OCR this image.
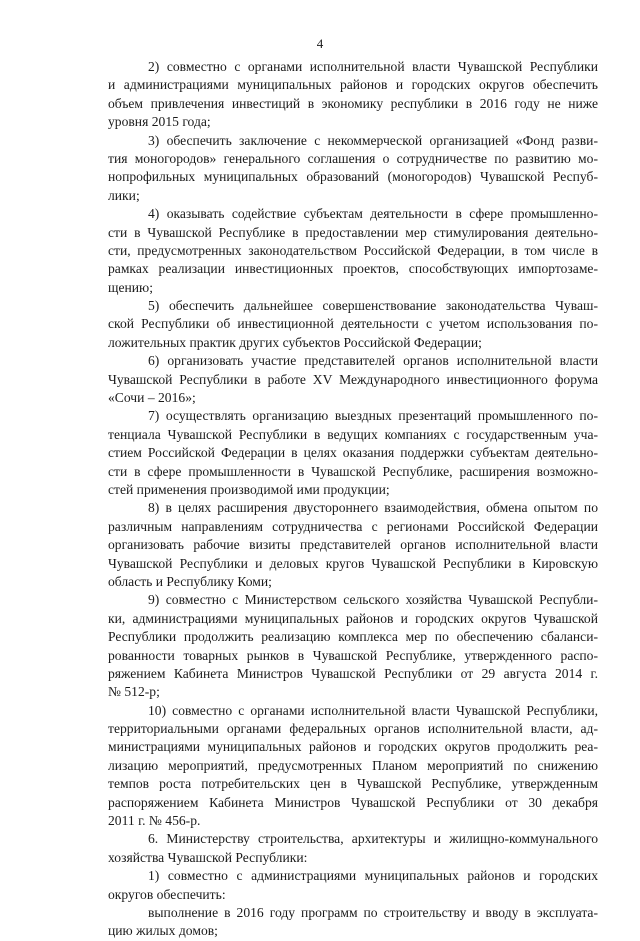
4
2) совместно с органами исполнительной власти Чувашской Республики
и администрациями муниципальных районов и городских округов обеспечить
объем привлечения инвестиций в экономику республики в 2016 году не ниже
уровня 2015 года;
3) обеспечить заключение с некоммерческой организацией «Фонд разви-
тия моногородов» генерального соглашения о сотрудничестве по развитию мо-
нопрофильных муниципальных образований (моногородов) Чувашской Респуб-
лики;
4) оказывать содействие субъектам деятельности в сфере промышленно-
сти в Чувашской Республике в предоставлении мер стимулирования деятельно-
сти, предусмотренных законодательством Российской Федерации, в том числе в
рамках реализации инвестиционных проектов, способствующих импортозаме-
щению;
5) обеспечить дальнейшее совершенствование законодательства Чуваш-
ской Республики об инвестиционной деятельности с учетом использования по-
ложительных практик других субъектов Российской Федерации;
6) организовать участие представителей органов исполнительной власти
Чувашской Республики в работе XV Международного инвестиционного форума
«Сочи – 2016»;
7) осуществлять организацию выездных презентаций промышленного по-
тенциала Чувашской Республики в ведущих компаниях с государственным уча-
стием Российской Федерации в целях оказания поддержки субъектам деятельно-
сти в сфере промышленности в Чувашской Республике, расширения возможно-
стей применения производимой ими продукции;
8) в целях расширения двустороннего взаимодействия, обмена опытом по
различным направлениям сотрудничества с регионами Российской Федерации
организовать рабочие визиты представителей органов исполнительной власти
Чувашской Республики и деловых кругов Чувашской Республики в Кировскую
область и Республику Коми;
9) совместно с Министерством сельского хозяйства Чувашской Республи-
ки, администрациями муниципальных районов и городских округов Чувашской
Республики продолжить реализацию комплекса мер по обеспечению сбаланси-
рованности товарных рынков в Чувашской Республике, утвержденного распо-
ряжением Кабинета Министров Чувашской Республики от 29 августа 2014 г.
№ 512-р;
10) совместно с органами исполнительной власти Чувашской Республики,
территориальными органами федеральных органов исполнительной власти, ад-
министрациями муниципальных районов и городских округов продолжить реа-
лизацию мероприятий, предусмотренных Планом мероприятий по снижению
темпов роста потребительских цен в Чувашской Республике, утвержденным
распоряжением Кабинета Министров Чувашской Республики от 30 декабря
2011 г. № 456-р.
6. Министерству строительства, архитектуры и жилищно-коммунального
хозяйства Чувашской Республики:
1) совместно с администрациями муниципальных районов и городских
округов обеспечить:
выполнение в 2016 году программ по строительству и вводу в эксплуата-
цию жилых домов;
